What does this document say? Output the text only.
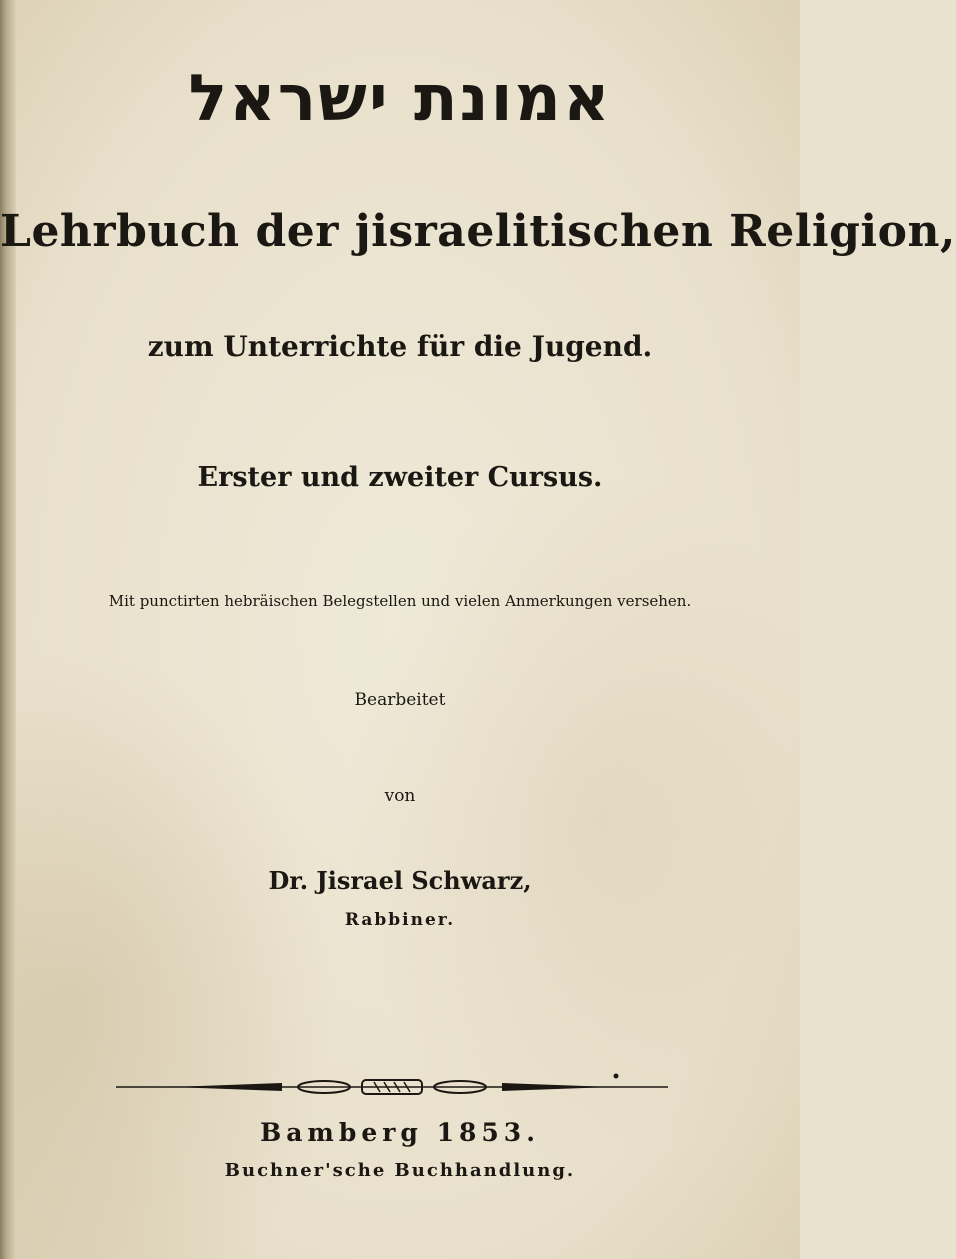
אמונת ישראל
Lehrbuch der jisraelitischen Religion,
zum Unterrichte für die Jugend.
Erster und zweiter Cursus.
Mit punctirten hebräischen Belegstellen und vielen Anmerkungen versehen.
Bearbeitet
von
Dr. Jisrael Schwarz,
Rabbiner.
Bamberg 1853.
Buchner'sche Buchhandlung.
